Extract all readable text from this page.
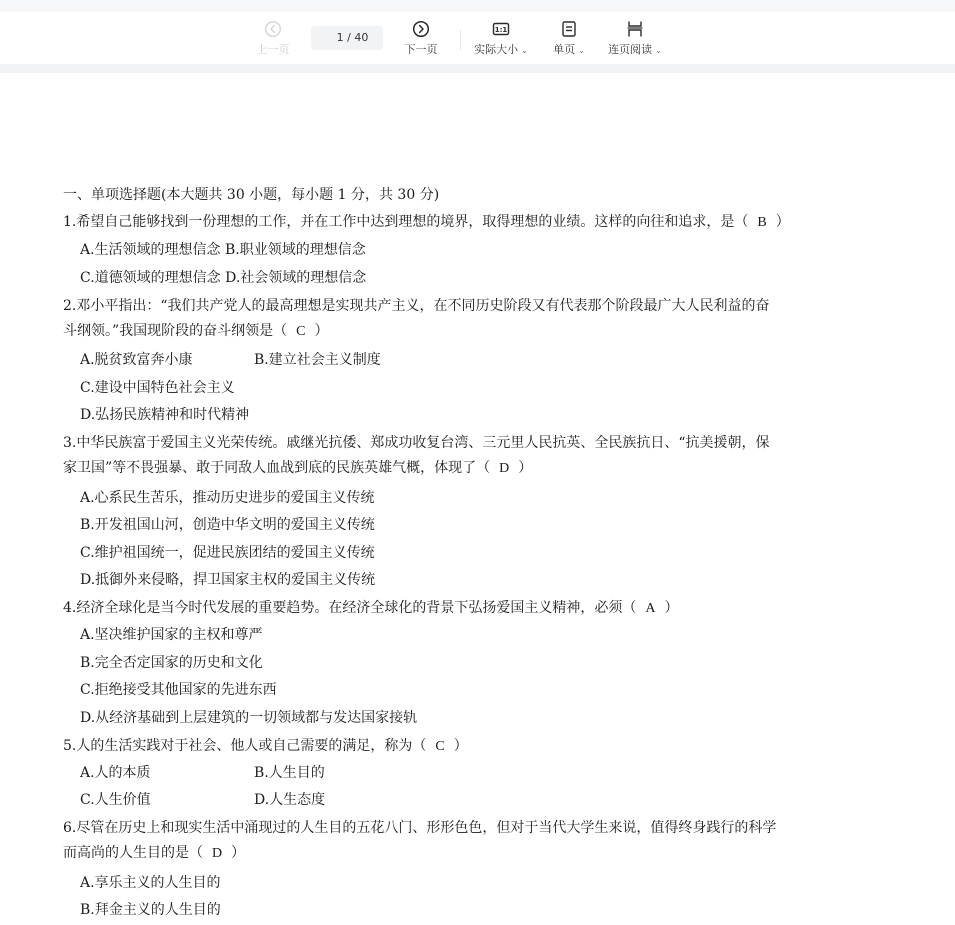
上一页
1 / 40
下一页
1:1
实际大小 ⌄	单页 ⌄	连页阅读 ⌄
一、单项选择题(本大题共 30 小题，每小题 1 分，共 30 分)
1.希望自己能够找到一份理想的工作，并在工作中达到理想的境界，取得理想的业绩。这样的向往和追求，是（ B ）
A.生活领域的理想信念 B.职业领域的理想信念
C.道德领域的理想信念 D.社会领域的理想信念
2.邓小平指出：“我们共产党人的最高理想是实现共产主义，在不同历史阶段又有代表那个阶段最广大人民利益的奋
斗纲领。”我国现阶段的奋斗纲领是（ C ）
A.脱贫致富奔小康	B.建立社会主义制度
C.建设中国特色社会主义
D.弘扬民族精神和时代精神
3.中华民族富于爱国主义光荣传统。戚继光抗倭、郑成功收复台湾、三元里人民抗英、全民族抗日、“抗美援朝，保
家卫国”等不畏强暴、敢于同敌人血战到底的民族英雄气概，体现了（ D ）
A.心系民生苦乐，推动历史进步的爱国主义传统
B.开发祖国山河，创造中华文明的爱国主义传统
C.维护祖国统一，促进民族团结的爱国主义传统
D.抵御外来侵略，捍卫国家主权的爱国主义传统
4.经济全球化是当今时代发展的重要趋势。在经济全球化的背景下弘扬爱国主义精神，必须（ A ）
A.坚决维护国家的主权和尊严
B.完全否定国家的历史和文化
C.拒绝接受其他国家的先进东西
D.从经济基础到上层建筑的一切领域都与发达国家接轨
5.人的生活实践对于社会、他人或自己需要的满足，称为（ C ）
A.人的本质	B.人生目的
C.人生价值	D.人生态度
6.尽管在历史上和现实生活中涌现过的人生目的五花八门、形形色色，但对于当代大学生来说，值得终身践行的科学
而高尚的人生目的是（ D ）
A.享乐主义的人生目的
B.拜金主义的人生目的
